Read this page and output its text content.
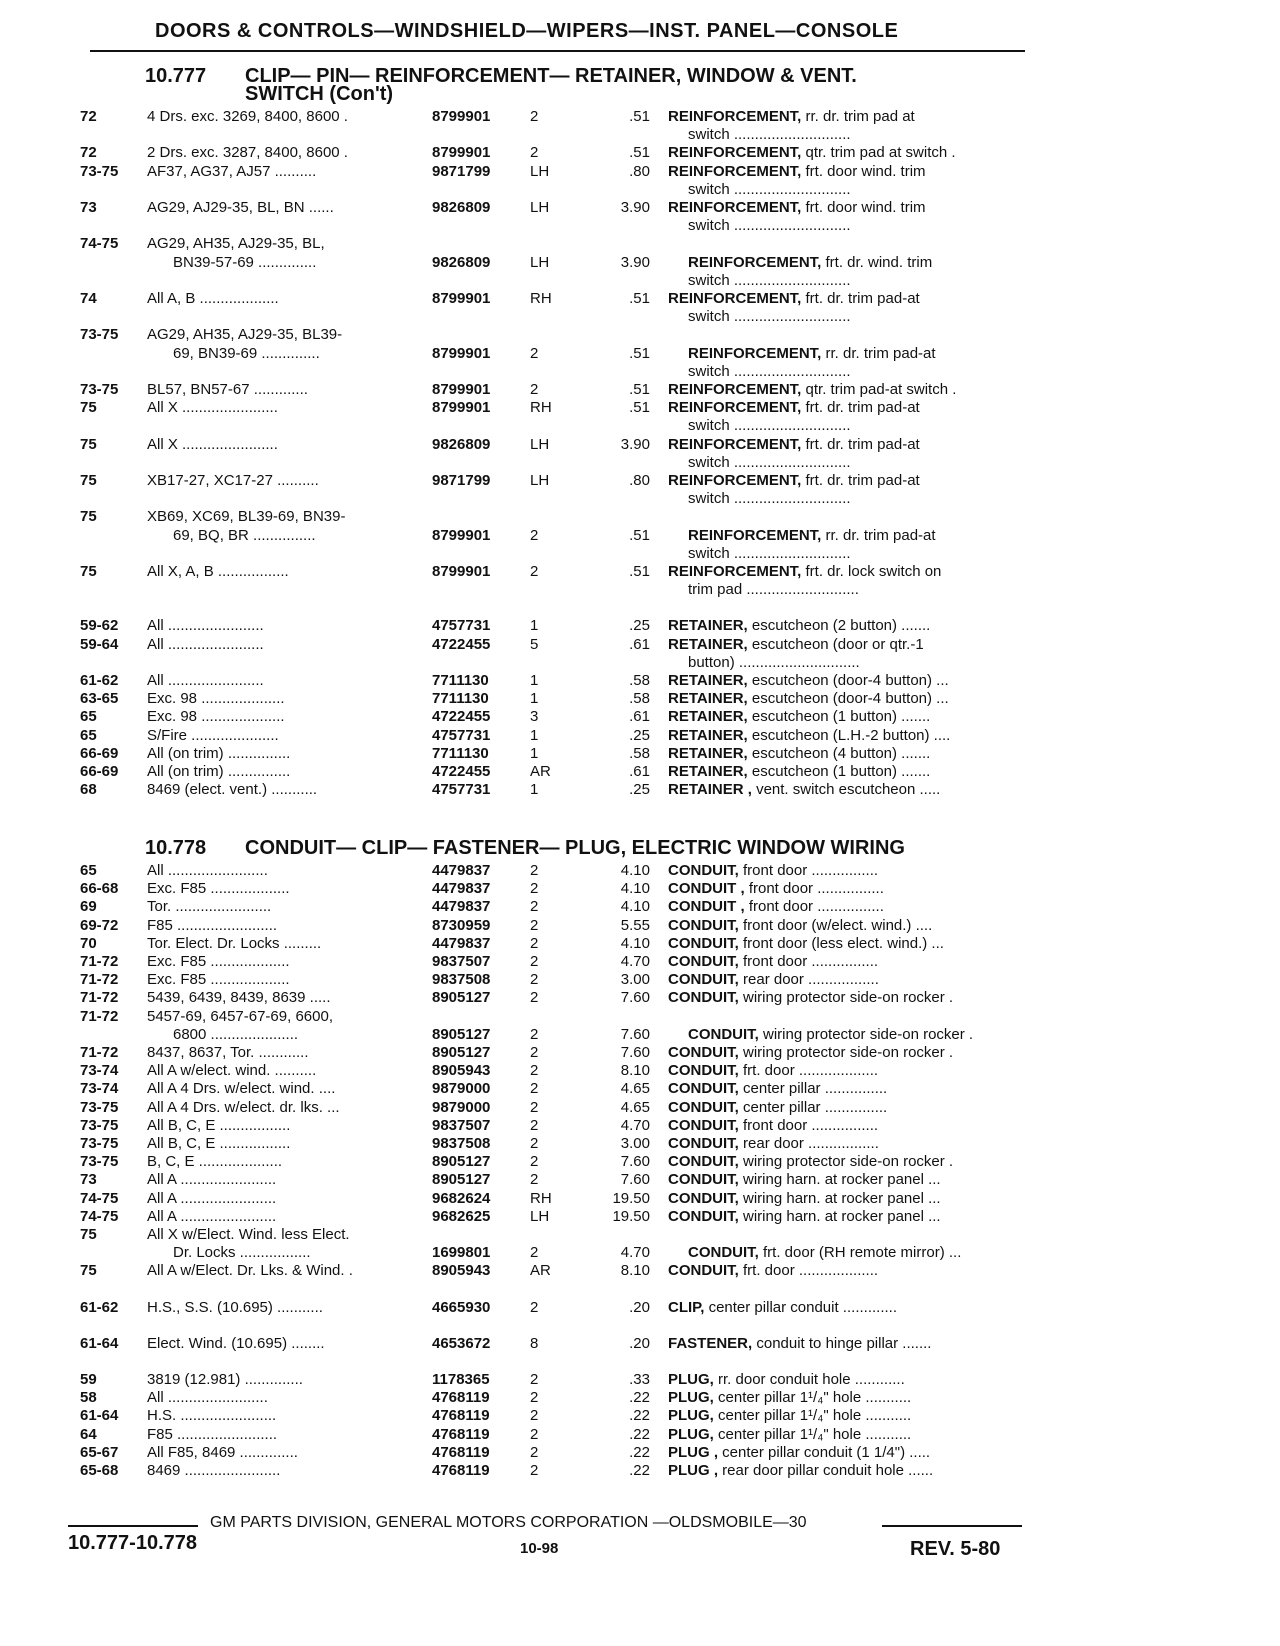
DOORS & CONTROLS—WINDSHIELD—WIPERS—INST. PANEL—CONSOLE
10.777 CLIP— PIN— REINFORCEMENT— RETAINER, WINDOW & VENT.
SWITCH (Con't)
72	4 Drs. exc. 3269, 8400, 8600 .	8799901	2	.51 REINFORCEMENT, rr. dr. trim pad at
switch ............................
72	2 Drs. exc. 3287, 8400, 8600 .	8799901	2	.51 REINFORCEMENT, qtr. trim pad at switch .
73-75	AF37, AG37, AJ57 ..........	9871799	LH	.80 REINFORCEMENT, frt. door wind. trim
switch ............................
73	AG29, AJ29-35, BL, BN ......	9826809	LH	3.90 REINFORCEMENT, frt. door wind. trim
switch ............................
74-75	AG29, AH35, AJ29-35, BL,
BN39-57-69 ..............	9826809	LH	3.90	REINFORCEMENT, frt. dr. wind. trim
switch ............................
74	All A, B ...................	8799901	RH	.51 REINFORCEMENT, frt. dr. trim pad-at
switch ............................
73-75	AG29, AH35, AJ29-35, BL39-
69, BN39-69 ..............	8799901	2	.51	REINFORCEMENT, rr. dr. trim pad-at
switch ............................
73-75	BL57, BN57-67 .............	8799901	2	.51 REINFORCEMENT, qtr. trim pad-at switch .
75	All X .......................	8799901	RH	.51 REINFORCEMENT, frt. dr. trim pad-at
switch ............................
75	All X .......................	9826809	LH	3.90 REINFORCEMENT, frt. dr. trim pad-at
switch ............................
75	XB17-27, XC17-27 ..........	9871799	LH	.80 REINFORCEMENT, frt. dr. trim pad-at
switch ............................
75	XB69, XC69, BL39-69, BN39-
69, BQ, BR ...............	8799901	2	.51	REINFORCEMENT, rr. dr. trim pad-at
switch ............................
75	All X, A, B .................	8799901	2	.51 REINFORCEMENT, frt. dr. lock switch on
trim pad ...........................
59-62	All .......................	4757731	1	.25 RETAINER, escutcheon (2 button) .......
59-64	All .......................	4722455	5	.61 RETAINER, escutcheon (door or qtr.-1
button) .............................
61-62	All .......................	7711130	1	.58 RETAINER, escutcheon (door-4 button) ...
63-65	Exc. 98 ....................	7711130	1	.58 RETAINER, escutcheon (door-4 button) ...
65	Exc. 98 ....................	4722455	3	.61 RETAINER, escutcheon (1 button) .......
65	S/Fire .....................	4757731	1	.25 RETAINER, escutcheon (L.H.-2 button) ....
66-69	All (on trim) ...............	7711130	1	.58 RETAINER, escutcheon (4 button) .......
66-69	All (on trim) ...............	4722455	AR	.61 RETAINER, escutcheon (1 button) .......
68	8469 (elect. vent.) ...........	4757731	1	.25 RETAINER , vent. switch escutcheon .....
10.778 CONDUIT— CLIP— FASTENER— PLUG, ELECTRIC WINDOW WIRING
65	All ........................	4479837	2	4.10 CONDUIT, front door ................
66-68	Exc. F85 ...................	4479837	2	4.10 CONDUIT , front door ................
69	Tor. .......................	4479837	2	4.10 CONDUIT , front door ................
69-72	F85 ........................	8730959	2	5.55 CONDUIT, front door (w/elect. wind.) ....
70	Tor. Elect. Dr. Locks .........	4479837	2	4.10 CONDUIT, front door (less elect. wind.) ...
71-72	Exc. F85 ...................	9837507	2	4.70 CONDUIT, front door ................
71-72	Exc. F85 ...................	9837508	2	3.00 CONDUIT, rear door .................
71-72	5439, 6439, 8439, 8639 .....	8905127	2	7.60 CONDUIT, wiring protector side-on rocker .
71-72	5457-69, 6457-67-69, 6600,
6800 .....................	8905127	2	7.60	CONDUIT, wiring protector side-on rocker .
71-72	8437, 8637, Tor. ............	8905127	2	7.60 CONDUIT, wiring protector side-on rocker .
73-74	All A w/elect. wind. ..........	8905943	2	8.10 CONDUIT, frt. door ...................
73-74	All A 4 Drs. w/elect. wind. ....	9879000	2	4.65 CONDUIT, center pillar ...............
73-75	All A 4 Drs. w/elect. dr. lks. ...	9879000	2	4.65 CONDUIT, center pillar ...............
73-75	All B, C, E .................	9837507	2	4.70 CONDUIT, front door ................
73-75	All B, C, E .................	9837508	2	3.00 CONDUIT, rear door .................
73-75	B, C, E ....................	8905127	2	7.60 CONDUIT, wiring protector side-on rocker .
73	All A .......................	8905127	2	7.60 CONDUIT, wiring harn. at rocker panel ...
74-75	All A .......................	9682624	RH	19.50 CONDUIT, wiring harn. at rocker panel ...
74-75	All A .......................	9682625	LH	19.50 CONDUIT, wiring harn. at rocker panel ...
75	All X w/Elect. Wind. less Elect.
Dr. Locks .................	1699801	2	4.70	CONDUIT, frt. door (RH remote mirror) ...
75	All A w/Elect. Dr. Lks. & Wind. .	8905943	AR	8.10 CONDUIT, frt. door ...................
61-62	H.S., S.S. (10.695) ...........	4665930	2	.20 CLIP, center pillar conduit .............
61-64	Elect. Wind. (10.695) ........	4653672	8	.20 FASTENER, conduit to hinge pillar .......
59	3819 (12.981) ..............	1178365	2	.33 PLUG, rr. door conduit hole ............
58	All ........................	4768119	2	.22 PLUG, center pillar 1¹/₄" hole ...........
61-64	H.S. .......................	4768119	2	.22 PLUG, center pillar 1¹/₄" hole ...........
64	F85 ........................	4768119	2	.22 PLUG, center pillar 1¹/₄" hole ...........
65-67	All F85, 8469 ..............	4768119	2	.22 PLUG , center pillar conduit (1 1/4") .....
65-68	8469 .......................	4768119	2	.22 PLUG , rear door pillar conduit hole ......
GM PARTS DIVISION, GENERAL MOTORS CORPORATION —OLDSMOBILE—30
10.777-10.778	10-98	REV. 5-80
